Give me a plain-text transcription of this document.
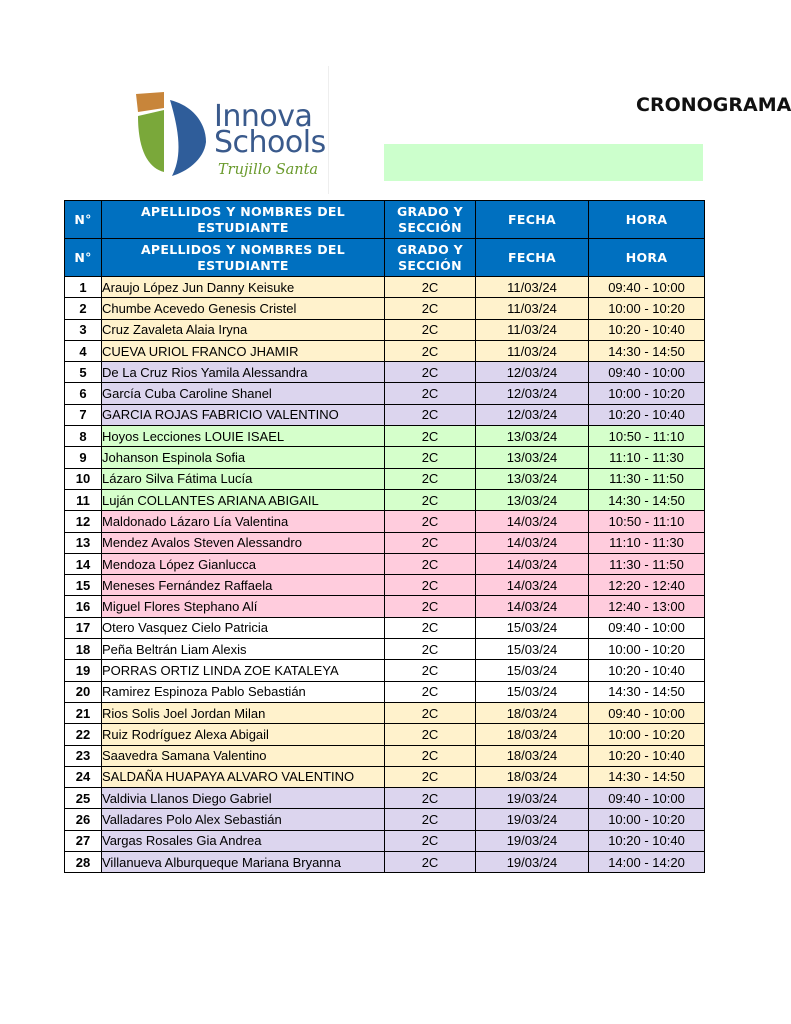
Innova
Schools
Trujillo Santa
CRONOGRAMA
N°	APELLIDOS Y NOMBRES DEL ESTUDIANTE	GRADO Y SECCIÓN	FECHA	HORA
N°	APELLIDOS Y NOMBRES DEL ESTUDIANTE	GRADO Y SECCIÓN	FECHA	HORA
1	Araujo López Jun Danny Keisuke	2C	11/03/24	09:40 - 10:00
2	Chumbe Acevedo Genesis Cristel	2C	11/03/24	10:00 - 10:20
3	Cruz Zavaleta Alaia Iryna	2C	11/03/24	10:20 - 10:40
4	CUEVA URIOL FRANCO JHAMIR	2C	11/03/24	14:30 - 14:50
5	De La Cruz Rios Yamila Alessandra	2C	12/03/24	09:40 - 10:00
6	García Cuba Caroline Shanel	2C	12/03/24	10:00 - 10:20
7	GARCIA ROJAS FABRICIO VALENTINO	2C	12/03/24	10:20 - 10:40
8	Hoyos Lecciones LOUIE ISAEL	2C	13/03/24	10:50 - 11:10
9	Johanson Espinola Sofia	2C	13/03/24	11:10 - 11:30
10	Lázaro Silva Fátima Lucía	2C	13/03/24	11:30 - 11:50
11	Luján COLLANTES ARIANA ABIGAIL	2C	13/03/24	14:30 - 14:50
12	Maldonado Lázaro Lía Valentina	2C	14/03/24	10:50 - 11:10
13	Mendez Avalos Steven Alessandro	2C	14/03/24	11:10 - 11:30
14	Mendoza López Gianlucca	2C	14/03/24	11:30 - 11:50
15	Meneses Fernández Raffaela	2C	14/03/24	12:20 - 12:40
16	Miguel Flores Stephano Alí	2C	14/03/24	12:40 - 13:00
17	Otero Vasquez Cielo Patricia	2C	15/03/24	09:40 - 10:00
18	Peña Beltrán Liam Alexis	2C	15/03/24	10:00 - 10:20
19	PORRAS ORTIZ LINDA ZOE KATALEYA	2C	15/03/24	10:20 - 10:40
20	Ramirez Espinoza Pablo Sebastián	2C	15/03/24	14:30 - 14:50
21	Rios Solis Joel Jordan Milan	2C	18/03/24	09:40 - 10:00
22	Ruiz Rodríguez Alexa Abigail	2C	18/03/24	10:00 - 10:20
23	Saavedra Samana Valentino	2C	18/03/24	10:20 - 10:40
24	SALDAÑA HUAPAYA ALVARO VALENTINO	2C	18/03/24	14:30 - 14:50
25	Valdivia Llanos Diego Gabriel	2C	19/03/24	09:40 - 10:00
26	Valladares Polo Alex Sebastián	2C	19/03/24	10:00 - 10:20
27	Vargas Rosales Gia Andrea	2C	19/03/24	10:20 - 10:40
28	Villanueva Alburqueque Mariana Bryanna	2C	19/03/24	14:00 - 14:20
